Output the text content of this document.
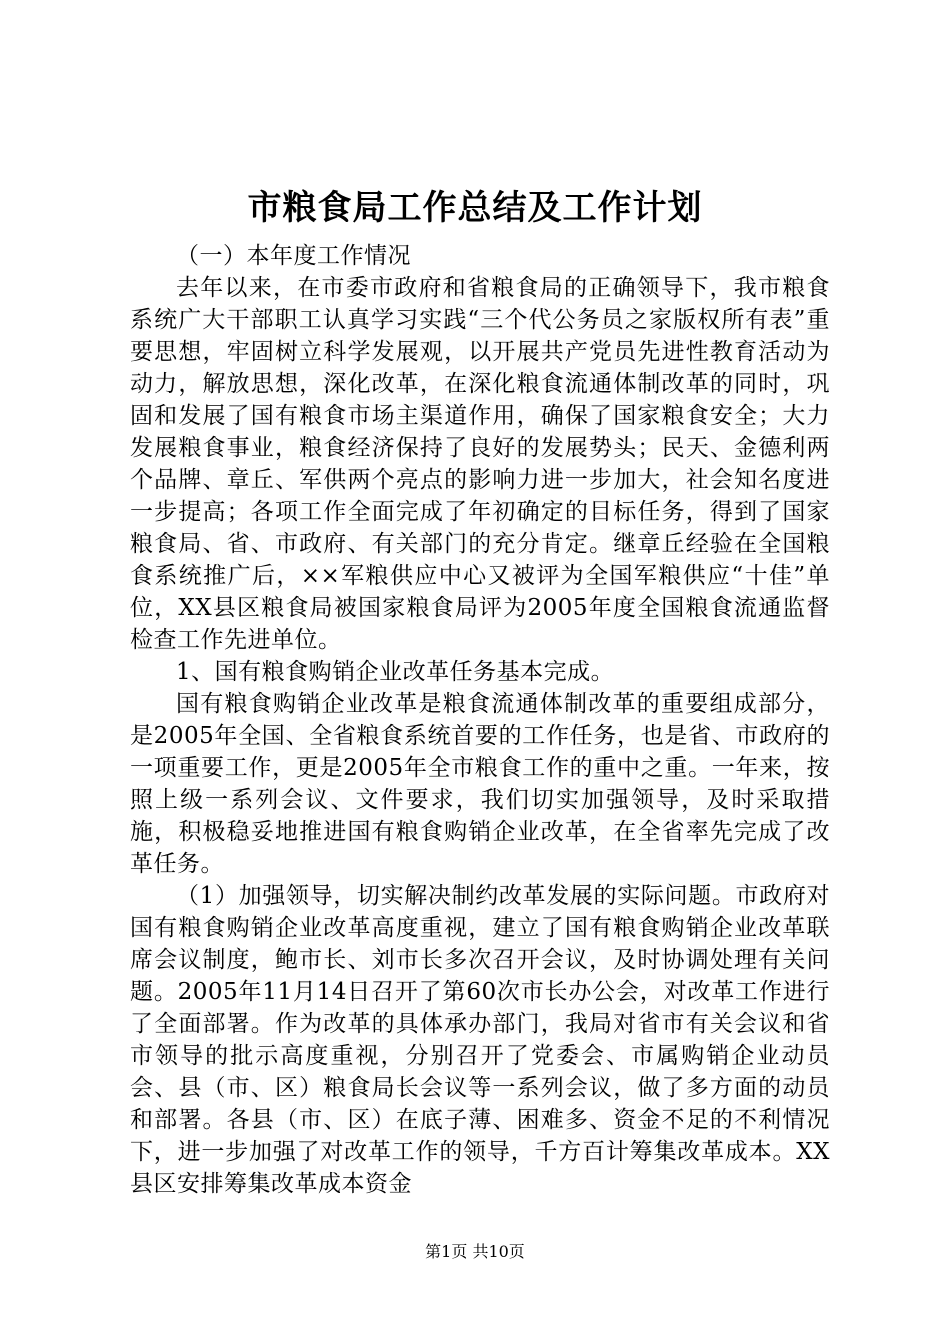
市粮食局工作总结及工作计划

（一）本年度工作情况

去年以来，在市委市政府和省粮食局的正确领导下，我市粮食系统广大干部职工认真学习实践“三个代公务员之家版权所有表”重要思想，牢固树立科学发展观，以开展共产党员先进性教育活动为动力，解放思想，深化改革，在深化粮食流通体制改革的同时，巩固和发展了国有粮食市场主渠道作用，确保了国家粮食安全；大力发展粮食事业，粮食经济保持了良好的发展势头；民天、金德利两个品牌、章丘、军供两个亮点的影响力进一步加大，社会知名度进一步提高；各项工作全面完成了年初确定的目标任务，得到了国家粮食局、省、市政府、有关部门的充分肯定。继章丘经验在全国粮食系统推广后，××军粮供应中心又被评为全国军粮供应“十佳”单位，XX县区粮食局被国家粮食局评为2005年度全国粮食流通监督检查工作先进单位。

1、国有粮食购销企业改革任务基本完成。

国有粮食购销企业改革是粮食流通体制改革的重要组成部分，是2005年全国、全省粮食系统首要的工作任务，也是省、市政府的一项重要工作，更是2005年全市粮食工作的重中之重。一年来，按照上级一系列会议、文件要求，我们切实加强领导，及时采取措施，积极稳妥地推进国有粮食购销企业改革，在全省率先完成了改革任务。

（1）加强领导，切实解决制约改革发展的实际问题。市政府对国有粮食购销企业改革高度重视，建立了国有粮食购销企业改革联席会议制度，鲍市长、刘市长多次召开会议，及时协调处理有关问题。2005年11月14日召开了第60次市长办公会，对改革工作进行了全面部署。作为改革的具体承办部门，我局对省市有关会议和省市领导的批示高度重视，分别召开了党委会、市属购销企业动员会、县（市、区）粮食局长会议等一系列会议，做了多方面的动员和部署。各县（市、区）在底子薄、困难多、资金不足的不利情况下，进一步加强了对改革工作的领导，千方百计筹集改革成本。XX县区安排筹集改革成本资金

第1页 共10页
